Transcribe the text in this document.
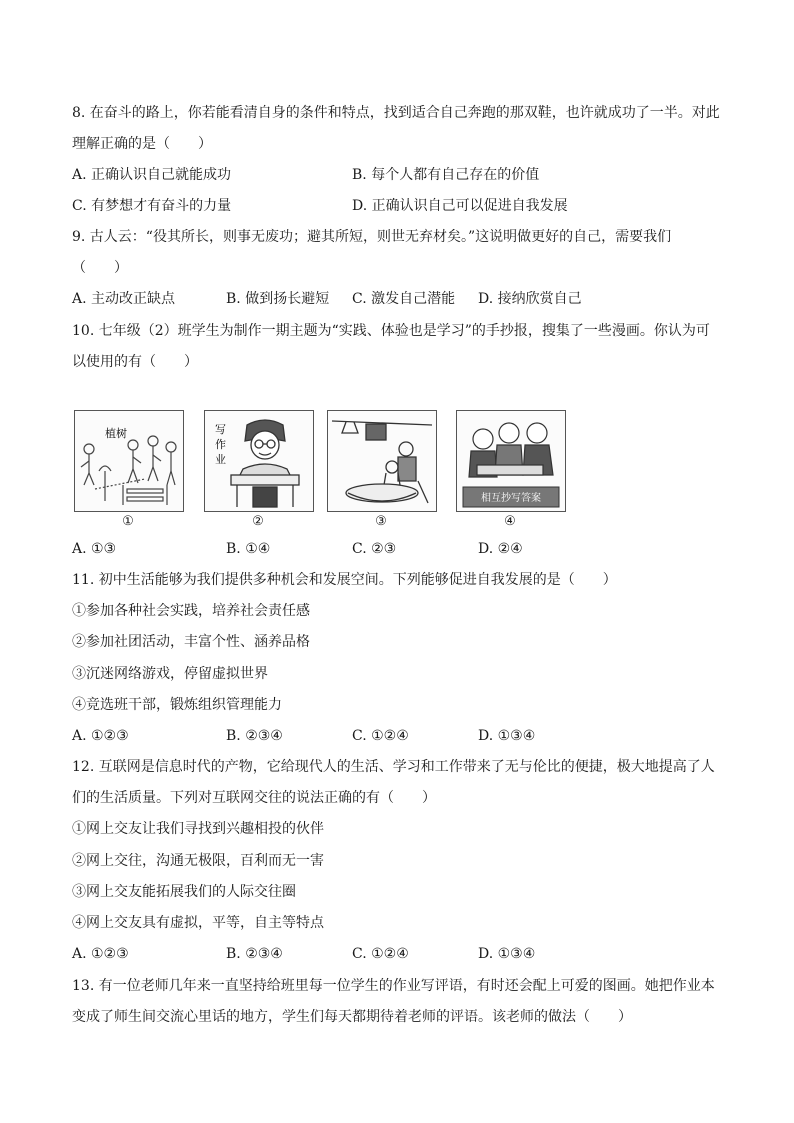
8. 在奋斗的路上，你若能看清自身的条件和特点，找到适合自己奔跑的那双鞋，也许就成功了一半。对此
理解正确的是（　　）
A. 正确认识自己就能成功	B. 每个人都有自己存在的价值
C. 有梦想才有奋斗的力量	D. 正确认识自己可以促进自我发展
9. 古人云：“役其所长，则事无废功；避其所短，则世无弃材矣。”这说明做更好的自己，需要我们
（　　）
A. 主动改正缺点	B. 做到扬长避短 C. 激发自己潜能 D. 接纳欣赏自己
10. 七年级（2）班学生为制作一期主题为“实践、体验也是学习”的手抄报，搜集了一些漫画。你认为可
以使用的有（　　）
植树
①
写
作
业
②	③
相互抄写答案
④
A. ①③	B. ①④	C. ②③	D. ②④
11. 初中生活能够为我们提供多种机会和发展空间。下列能够促进自我发展的是（　　）
①参加各种社会实践，培养社会责任感
②参加社团活动，丰富个性、涵养品格
③沉迷网络游戏，停留虚拟世界
④竞选班干部，锻炼组织管理能力
A. ①②③	B. ②③④	C. ①②④	D. ①③④
12. 互联网是信息时代的产物，它给现代人的生活、学习和工作带来了无与伦比的便捷，极大地提高了人
们的生活质量。下列对互联网交往的说法正确的有（　　）
①网上交友让我们寻找到兴趣相投的伙伴
②网上交往，沟通无极限，百利而无一害
③网上交友能拓展我们的人际交往圈
④网上交友具有虚拟，平等，自主等特点
A. ①②③	B. ②③④	C. ①②④	D. ①③④
13. 有一位老师几年来一直坚持给班里每一位学生的作业写评语，有时还会配上可爱的图画。她把作业本
变成了师生间交流心里话的地方，学生们每天都期待着老师的评语。该老师的做法（　　）
